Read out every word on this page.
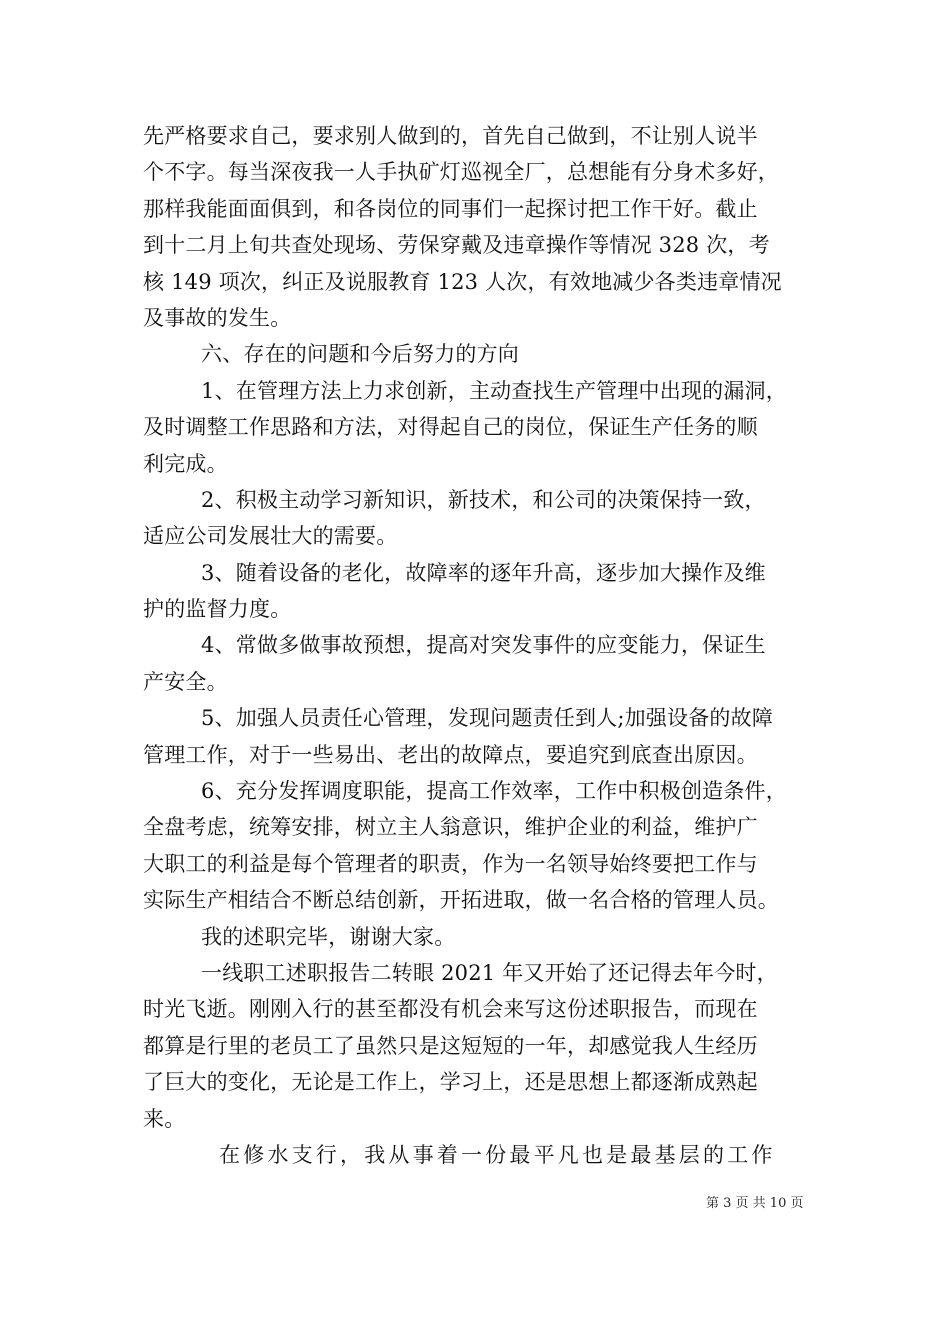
先严格要求自己，要求别人做到的，首先自己做到，不让别人说半
个不字。每当深夜我一人手执矿灯巡视全厂，总想能有分身术多好，
那样我能面面俱到，和各岗位的同事们一起探讨把工作干好。截止
到十二月上旬共查处现场、劳保穿戴及违章操作等情况 328 次，考
核 149 项次，纠正及说服教育 123 人次，有效地减少各类违章情况
及事故的发生。
六、存在的问题和今后努力的方向
1、在管理方法上力求创新，主动查找生产管理中出现的漏洞，
及时调整工作思路和方法，对得起自己的岗位，保证生产任务的顺
利完成。
2、积极主动学习新知识，新技术，和公司的决策保持一致，
适应公司发展壮大的需要。
3、随着设备的老化，故障率的逐年升高，逐步加大操作及维
护的监督力度。
4、常做多做事故预想，提高对突发事件的应变能力，保证生
产安全。
5、加强人员责任心管理，发现问题责任到人;加强设备的故障
管理工作，对于一些易出、老出的故障点，要追究到底查出原因。
6、充分发挥调度职能，提高工作效率，工作中积极创造条件，
全盘考虑，统筹安排，树立主人翁意识，维护企业的利益，维护广
大职工的利益是每个管理者的职责，作为一名领导始终要把工作与
实际生产相结合不断总结创新，开拓进取，做一名合格的管理人员。
我的述职完毕，谢谢大家。
一线职工述职报告二转眼 2021 年又开始了还记得去年今时，
时光飞逝。刚刚入行的甚至都没有机会来写这份述职报告，而现在
都算是行里的老员工了虽然只是这短短的一年，却感觉我人生经历
了巨大的变化，无论是工作上，学习上，还是思想上都逐渐成熟起
来。
在修水支行，我从事着一份最平凡也是最基层的工作
第 3 页 共 10 页
